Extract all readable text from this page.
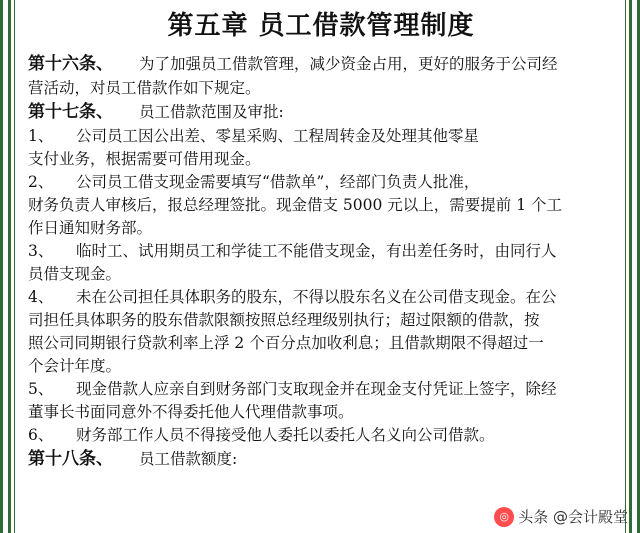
第五章 员工借款管理制度
第十六条、 为了加强员工借款管理，减少资金占用，更好的服务于公司经
营活动，对员工借款作如下规定。
第十七条、 员工借款范围及审批:
1、 公司员工因公出差、零星采购、工程周转金及处理其他零星
支付业务，根据需要可借用现金。
2、 公司员工借支现金需要填写“借款单”，经部门负责人批准，
财务负责人审核后，报总经理签批。现金借支 5000 元以上，需要提前 1 个工
作日通知财务部。
3、 临时工、试用期员工和学徒工不能借支现金，有出差任务时，由同行人
员借支现金。
4、 未在公司担任具体职务的股东，不得以股东名义在公司借支现金。在公
司担任具体职务的股东借款限额按照总经理级别执行；超过限额的借款，按
照公司同期银行贷款利率上浮 2 个百分点加收利息；且借款期限不得超过一
个会计年度。
5、 现金借款人应亲自到财务部门支取现金并在现金支付凭证上签字，除经
董事长书面同意外不得委托他人代理借款事项。
6、 财务部工作人员不得接受他人委托以委托人名义向公司借款。
第十八条、 员工借款额度:
◎ 头条 @会计殿堂
